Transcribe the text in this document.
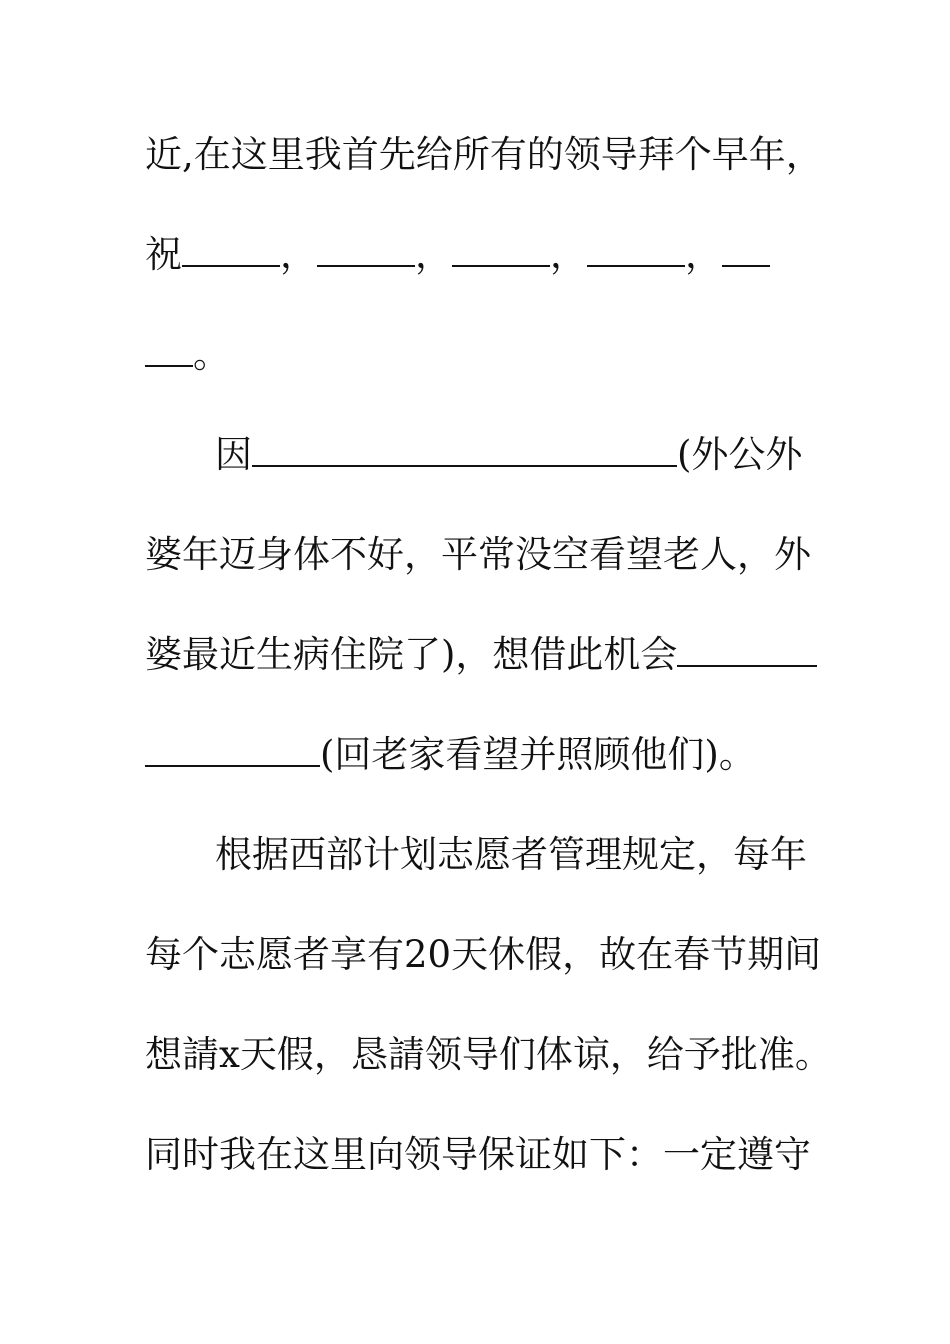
近,在这里我首先给所有的领导拜个早年，
祝	，	，	，	，
。
因	(外公外
婆年迈身体不好，平常没空看望老人，外
婆最近生病住院了)，想借此机会
(回老家看望并照顾他们)。
根据西部计划志愿者管理规定，每年
每个志愿者享有20天休假，故在春节期间
想請x天假，恳請领导们体谅，给予批准。
同时我在这里向领导保证如下：一定遵守
